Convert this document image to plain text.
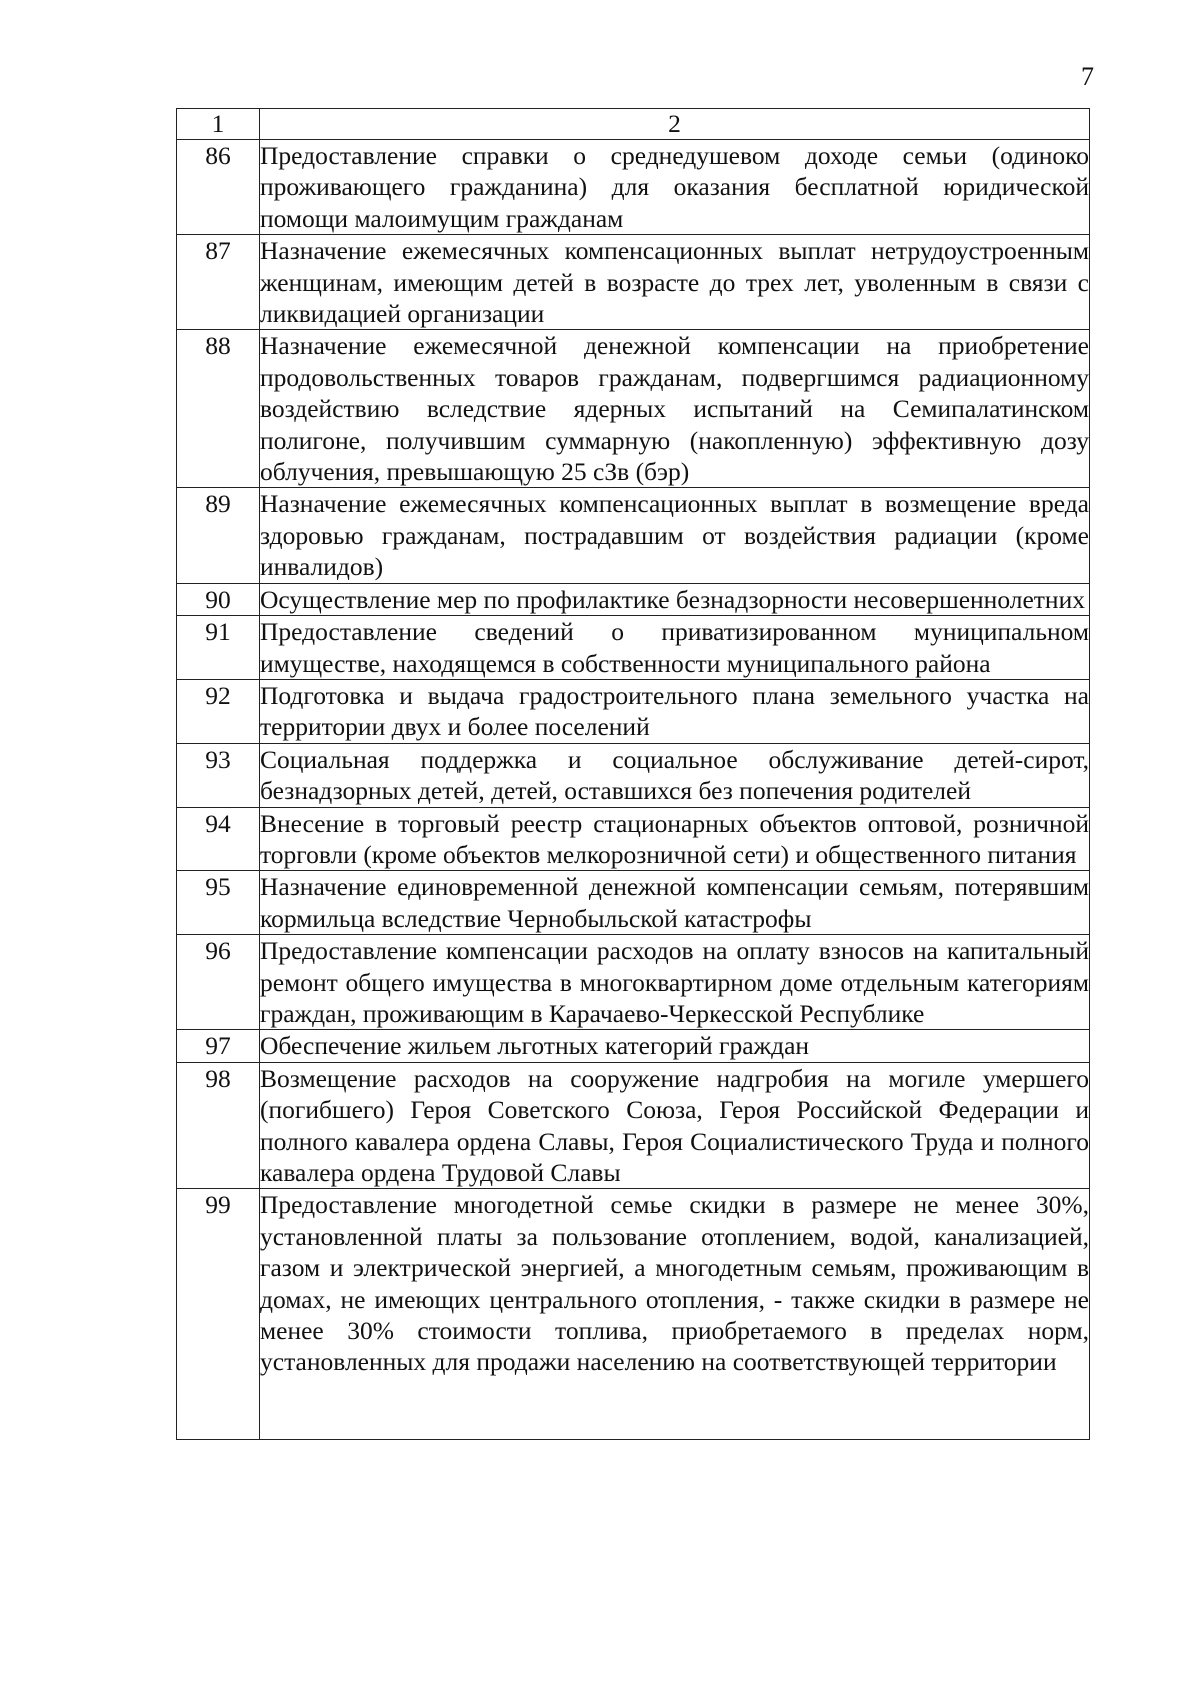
7
1	2
86	Предоставление справки о среднедушевом доходе семьи (одиноко проживающего гражданина) для оказания бесплатной юридической помощи малоимущим гражданам
87	Назначение ежемесячных компенсационных выплат нетрудоустроенным женщинам, имеющим детей в возрасте до трех лет, уволенным в связи с ликвидацией организации
88	Назначение ежемесячной денежной компенсации на приобретение продовольственных товаров гражданам, подвергшимся радиационному воздействию вследствие ядерных испытаний на Семипалатинском полигоне, получившим суммарную (накопленную) эффективную дозу облучения, превышающую 25 сЗв (бэр)
89	Назначение ежемесячных компенсационных выплат в возмещение вреда здоровью гражданам, пострадавшим от воздействия радиации (кроме инвалидов)
90	Осуществление мер по профилактике безнадзорности несовершеннолетних
91	Предоставление сведений о приватизированном муниципальном имуществе, находящемся в собственности муниципального района
92	Подготовка и выдача градостроительного плана земельного участка на территории двух и более поселений
93	Социальная поддержка и социальное обслуживание детей-сирот, безнадзорных детей, детей, оставшихся без попечения родителей
94	Внесение в торговый реестр стационарных объектов оптовой, розничной торговли (кроме объектов мелкорозничной сети) и общественного питания
95	Назначение единовременной денежной компенсации семьям, потерявшим кормильца вследствие Чернобыльской катастрофы
96	Предоставление компенсации расходов на оплату взносов на капитальный ремонт общего имущества в многоквартирном доме отдельным категориям граждан, проживающим в Карачаево-Черкесской Республике
97	Обеспечение жильем льготных категорий граждан
98	Возмещение расходов на сооружение надгробия на могиле умершего (погибшего) Героя Советского Союза, Героя Российской Федерации и полного кавалера ордена Славы, Героя Социалистического Труда и полного кавалера ордена Трудовой Славы
99	Предоставление многодетной семье скидки в размере не менее 30%, установленной платы за пользование отоплением, водой, канализацией, газом и электрической энергией, а многодетным семьям, проживающим в домах, не имеющих центрального отопления, - также скидки в размере не менее 30% стоимости топлива, приобретаемого в пределах норм, установленных для продажи населению на соответствующей территории
